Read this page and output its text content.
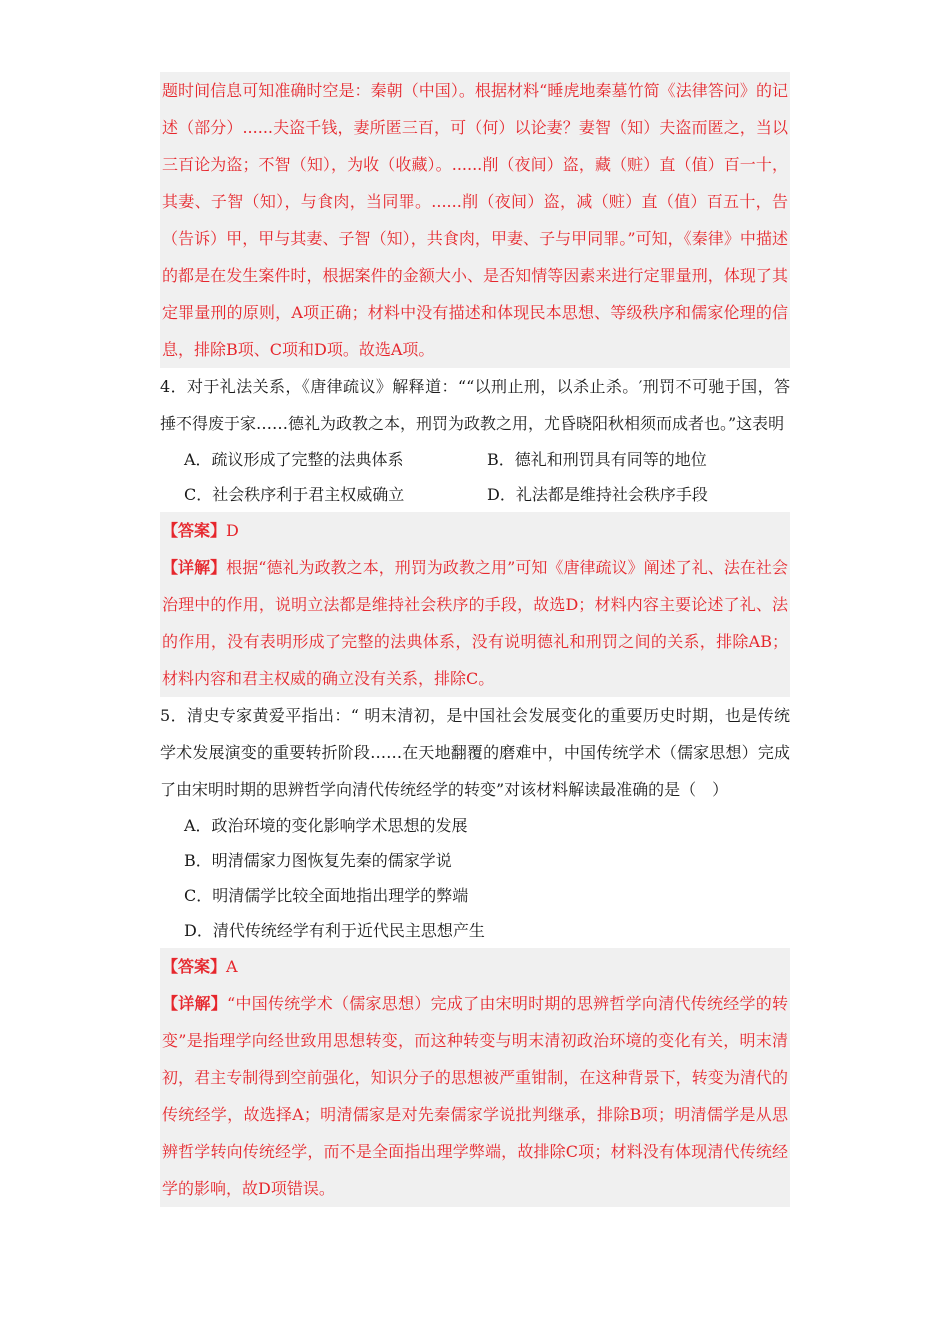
题时间信息可知准确时空是：秦朝（中国）。根据材料“睡虎地秦墓竹简《法律答问》的记述（部分）......夫盗千钱，妻所匿三百，可（何）以论妻？妻智（知）夫盗而匿之，当以三百论为盗；不智（知），为收（收藏）。......削（夜间）盗，藏（赃）直（值）百一十，其妻、子智（知），与食肉，当同罪。......削（夜间）盗，减（赃）直（值）百五十，告（告诉）甲，甲与其妻、子智（知），共食肉，甲妻、子与甲同罪。”可知，《秦律》中描述的都是在发生案件时，根据案件的金额大小、是否知情等因素来进行定罪量刑，体现了其定罪量刑的原则，A项正确；材料中没有描述和体现民本思想、等级秩序和儒家伦理的信息，排除B项、C项和D项。故选A项。

4．对于礼法关系，《唐律疏议》解释道：““以刑止刑，以杀止杀。′刑罚不可驰于国，答捶不得废于家……德礼为政教之本，刑罚为政教之用，尤昏晓阳秋相须而成者也。”这表明

A．疏议形成了完整的法典体系	B．德礼和刑罚具有同等的地位
C．社会秩序利于君主权威确立	D．礼法都是维持社会秩序手段

【答案】D

【详解】根据“德礼为政教之本，刑罚为政教之用”可知《唐律疏议》阐述了礼、法在社会治理中的作用，说明立法都是维持社会秩序的手段，故选D；材料内容主要论述了礼、法的作用，没有表明形成了完整的法典体系，没有说明德礼和刑罚之间的关系，排除AB；材料内容和君主权威的确立没有关系，排除C。

5．清史专家黄爱平指出：“ 明末清初，是中国社会发展变化的重要历史时期，也是传统学术发展演变的重要转折阶段……在天地翻覆的磨难中，中国传统学术（儒家思想）完成了由宋明时期的思辨哲学向清代传统经学的转变”对该材料解读最准确的是（　）

A．政治环境的变化影响学术思想的发展
B．明清儒家力图恢复先秦的儒家学说
C．明清儒学比较全面地指出理学的弊端
D．清代传统经学有利于近代民主思想产生

【答案】A

【详解】“中国传统学术（儒家思想）完成了由宋明时期的思辨哲学向清代传统经学的转变”是指理学向经世致用思想转变，而这种转变与明末清初政治环境的变化有关，明末清初，君主专制得到空前强化，知识分子的思想被严重钳制，在这种背景下，转变为清代的传统经学，故选择A；明清儒家是对先秦儒家学说批判继承，排除B项；明清儒学是从思辨哲学转向传统经学，而不是全面指出理学弊端，故排除C项；材料没有体现清代传统经学的影响，故D项错误。
